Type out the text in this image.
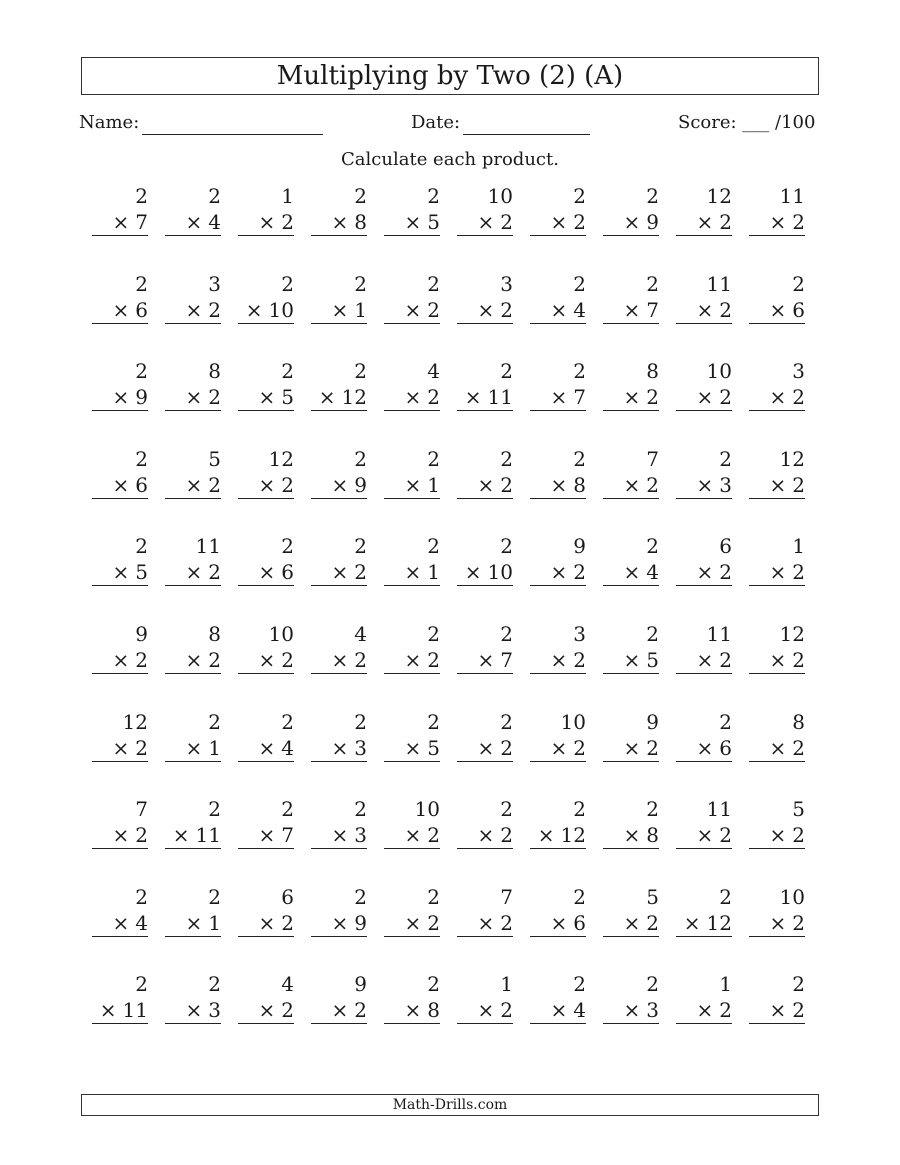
Multiplying by Two (2) (A)
Name:	Date:	Score: ___ /100
Calculate each product.
2
× 7
2
× 4
1
× 2
2
× 8
2
× 5
10
× 2
2
× 2
2
× 9
12
× 2
11
× 2
2
× 6
3
× 2
2
× 10
2
× 1
2
× 2
3
× 2
2
× 4
2
× 7
11
× 2
2
× 6
2
× 9
8
× 2
2
× 5
2
× 12
4
× 2
2
× 11
2
× 7
8
× 2
10
× 2
3
× 2
2
× 6
5
× 2
12
× 2
2
× 9
2
× 1
2
× 2
2
× 8
7
× 2
2
× 3
12
× 2
2
× 5
11
× 2
2
× 6
2
× 2
2
× 1
2
× 10
9
× 2
2
× 4
6
× 2
1
× 2
9
× 2
8
× 2
10
× 2
4
× 2
2
× 2
2
× 7
3
× 2
2
× 5
11
× 2
12
× 2
12
× 2
2
× 1
2
× 4
2
× 3
2
× 5
2
× 2
10
× 2
9
× 2
2
× 6
8
× 2
7
× 2
2
× 11
2
× 7
2
× 3
10
× 2
2
× 2
2
× 12
2
× 8
11
× 2
5
× 2
2
× 4
2
× 1
6
× 2
2
× 9
2
× 2
7
× 2
2
× 6
5
× 2
2
× 12
10
× 2
2
× 11
2
× 3
4
× 2
9
× 2
2
× 8
1
× 2
2
× 4
2
× 3
1
× 2
2
× 2
Math-Drills.com
